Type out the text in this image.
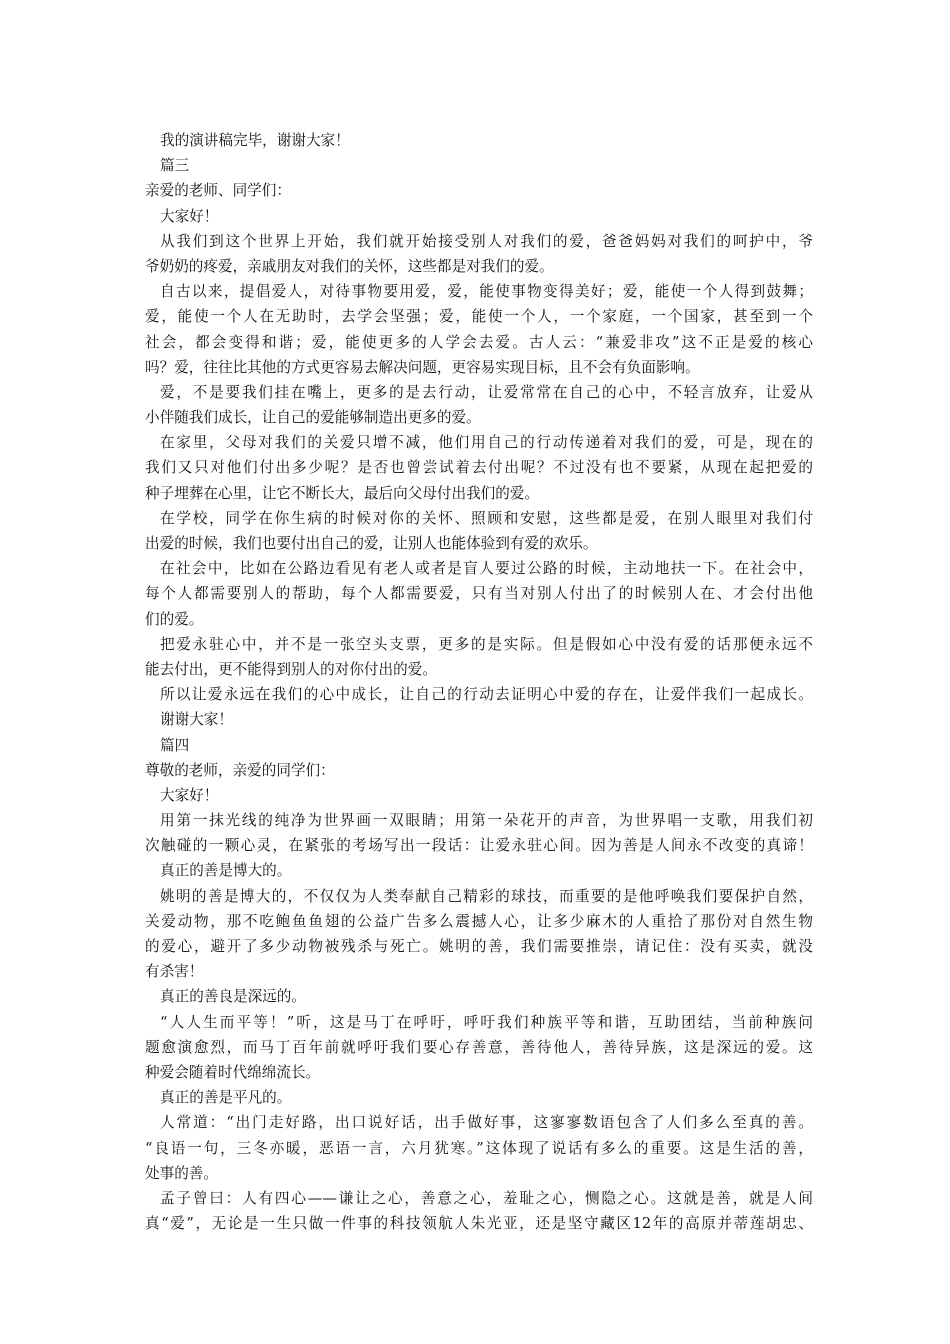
我的演讲稿完毕，谢谢大家！
篇三
亲爱的老师、同学们：
大家好！
从我们到这个世界上开始，我们就开始接受别人对我们的爱，爸爸妈妈对我们的呵护中，爷
爷奶奶的疼爱，亲戚朋友对我们的关怀，这些都是对我们的爱。
自古以来，提倡爱人，对待事物要用爱，爱，能使事物变得美好；爱，能使一个人得到鼓舞；
爱，能使一个人在无助时，去学会坚强；爱，能使一个人，一个家庭，一个国家，甚至到一个
社会，都会变得和谐；爱，能使更多的人学会去爱。古人云：“兼爱非攻”这不正是爱的核心
吗？爱，往往比其他的方式更容易去解决问题，更容易实现目标，且不会有负面影响。
爱，不是要我们挂在嘴上，更多的是去行动，让爱常常在自己的心中，不轻言放弃，让爱从
小伴随我们成长，让自己的爱能够制造出更多的爱。
在家里，父母对我们的关爱只增不减，他们用自己的行动传递着对我们的爱，可是，现在的
我们又只对他们付出多少呢？是否也曾尝试着去付出呢？不过没有也不要紧，从现在起把爱的
种子埋葬在心里，让它不断长大，最后向父母付出我们的爱。
在学校，同学在你生病的时候对你的关怀、照顾和安慰，这些都是爱，在别人眼里对我们付
出爱的时候，我们也要付出自己的爱，让别人也能体验到有爱的欢乐。
在社会中，比如在公路边看见有老人或者是盲人要过公路的时候，主动地扶一下。在社会中，
每个人都需要别人的帮助，每个人都需要爱，只有当对别人付出了的时候别人在、才会付出他
们的爱。
把爱永驻心中，并不是一张空头支票，更多的是实际。但是假如心中没有爱的话那便永远不
能去付出，更不能得到别人的对你付出的爱。
所以让爱永远在我们的心中成长，让自己的行动去证明心中爱的存在，让爱伴我们一起成长。
谢谢大家！
篇四
尊敬的老师，亲爱的同学们：
大家好！
用第一抹光线的纯净为世界画一双眼睛；用第一朵花开的声音，为世界唱一支歌，用我们初
次触碰的一颗心灵，在紧张的考场写出一段话：让爱永驻心间。因为善是人间永不改变的真谛！
真正的善是博大的。
姚明的善是博大的，不仅仅为人类奉献自己精彩的球技，而重要的是他呼唤我们要保护自然，
关爱动物，那不吃鲍鱼鱼翅的公益广告多么震撼人心，让多少麻木的人重拾了那份对自然生物
的爱心，避开了多少动物被残杀与死亡。姚明的善，我们需要推崇，请记住：没有买卖，就没
有杀害！
真正的善良是深远的。
“人人生而平等！”听，这是马丁在呼吁，呼吁我们种族平等和谐，互助团结，当前种族问
题愈演愈烈，而马丁百年前就呼吁我们要心存善意，善待他人，善待异族，这是深远的爱。这
种爱会随着时代绵绵流长。
真正的善是平凡的。
人常道：“出门走好路，出口说好话，出手做好事，这寥寥数语包含了人们多么至真的善。
“良语一句，三冬亦暖，恶语一言，六月犹寒。”这体现了说话有多么的重要。这是生活的善，
处事的善。
孟子曾曰：人有四心——谦让之心，善意之心，羞耻之心，恻隐之心。这就是善，就是人间
真“爱”，无论是一生只做一件事的科技领航人朱光亚，还是坚守藏区12年的高原并蒂莲胡忠、
